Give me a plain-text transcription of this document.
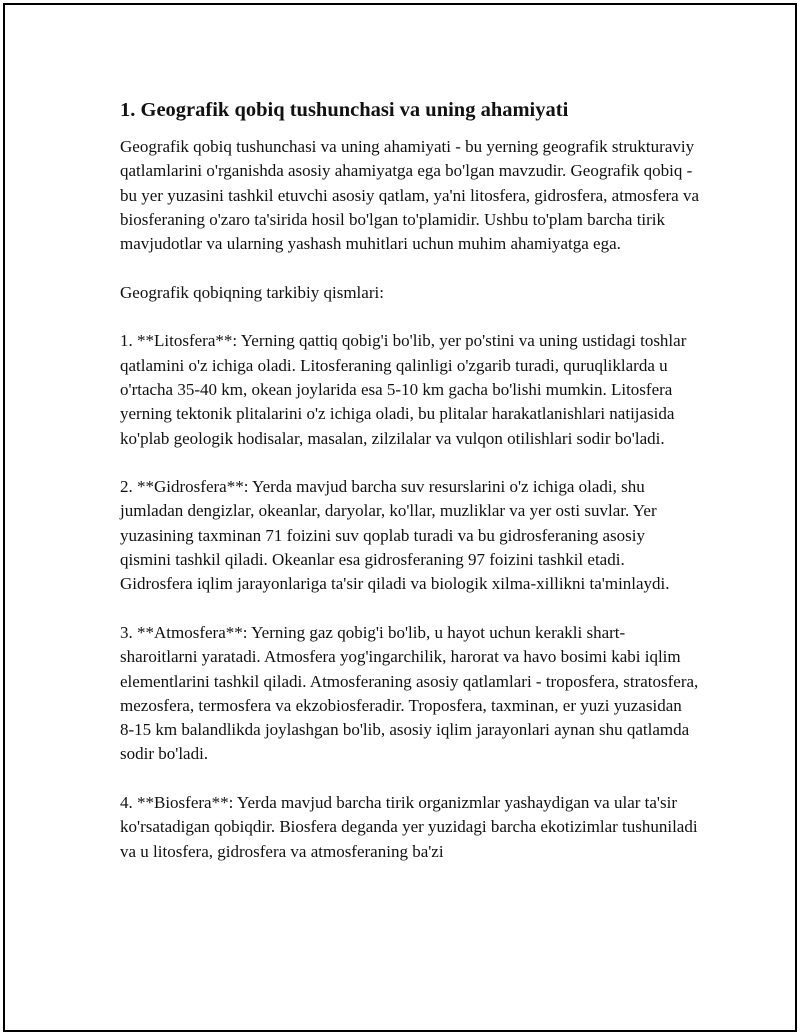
1. Geografik qobiq tushunchasi va uning ahamiyati

Geografik qobiq tushunchasi va uning ahamiyati - bu yerning geografik strukturaviy qatlamlarini o'rganishda asosiy ahamiyatga ega bo'lgan mavzudir. Geografik qobiq - bu yer yuzasini tashkil etuvchi asosiy qatlam, ya'ni litosfera, gidrosfera, atmosfera va biosferaning o'zaro ta'sirida hosil bo'lgan to'plamidir. Ushbu to'plam barcha tirik mavjudotlar va ularning yashash muhitlari uchun muhim ahamiyatga ega.

Geografik qobiqning tarkibiy qismlari:

1. **Litosfera**: Yerning qattiq qobig'i bo'lib, yer po'stini va uning ustidagi toshlar qatlamini o'z ichiga oladi. Litosferaning qalinligi o'zgarib turadi, quruqliklarda u o'rtacha 35-40 km, okean joylarida esa 5-10 km gacha bo'lishi mumkin. Litosfera yerning tektonik plitalarini o'z ichiga oladi, bu plitalar harakatlanishlari natijasida ko'plab geologik hodisalar, masalan, zilzilalar va vulqon otilishlari sodir bo'ladi.

2. **Gidrosfera**: Yerda mavjud barcha suv resurslarini o'z ichiga oladi, shu jumladan dengizlar, okeanlar, daryolar, ko'llar, muzliklar va yer osti suvlar. Yer yuzasining taxminan 71 foizini suv qoplab turadi va bu gidrosferaning asosiy qismini tashkil qiladi. Okeanlar esa gidrosferaning 97 foizini tashkil etadi. Gidrosfera iqlim jarayonlariga ta'sir qiladi va biologik xilma-xillikni ta'minlaydi.

3. **Atmosfera**: Yerning gaz qobig'i bo'lib, u hayot uchun kerakli shart-sharoitlarni yaratadi. Atmosfera yog'ingarchilik, harorat va havo bosimi kabi iqlim elementlarini tashkil qiladi. Atmosferaning asosiy qatlamlari - troposfera, stratosfera, mezosfera, termosfera va ekzobiosferadir. Troposfera, taxminan, er yuzi yuzasidan 8-15 km balandlikda joylashgan bo'lib, asosiy iqlim jarayonlari aynan shu qatlamda sodir bo'ladi.

4. **Biosfera**: Yerda mavjud barcha tirik organizmlar yashaydigan va ular ta'sir ko'rsatadigan qobiqdir. Biosfera deganda yer yuzidagi barcha ekotizimlar tushuniladi va u litosfera, gidrosfera va atmosferaning ba'zi
